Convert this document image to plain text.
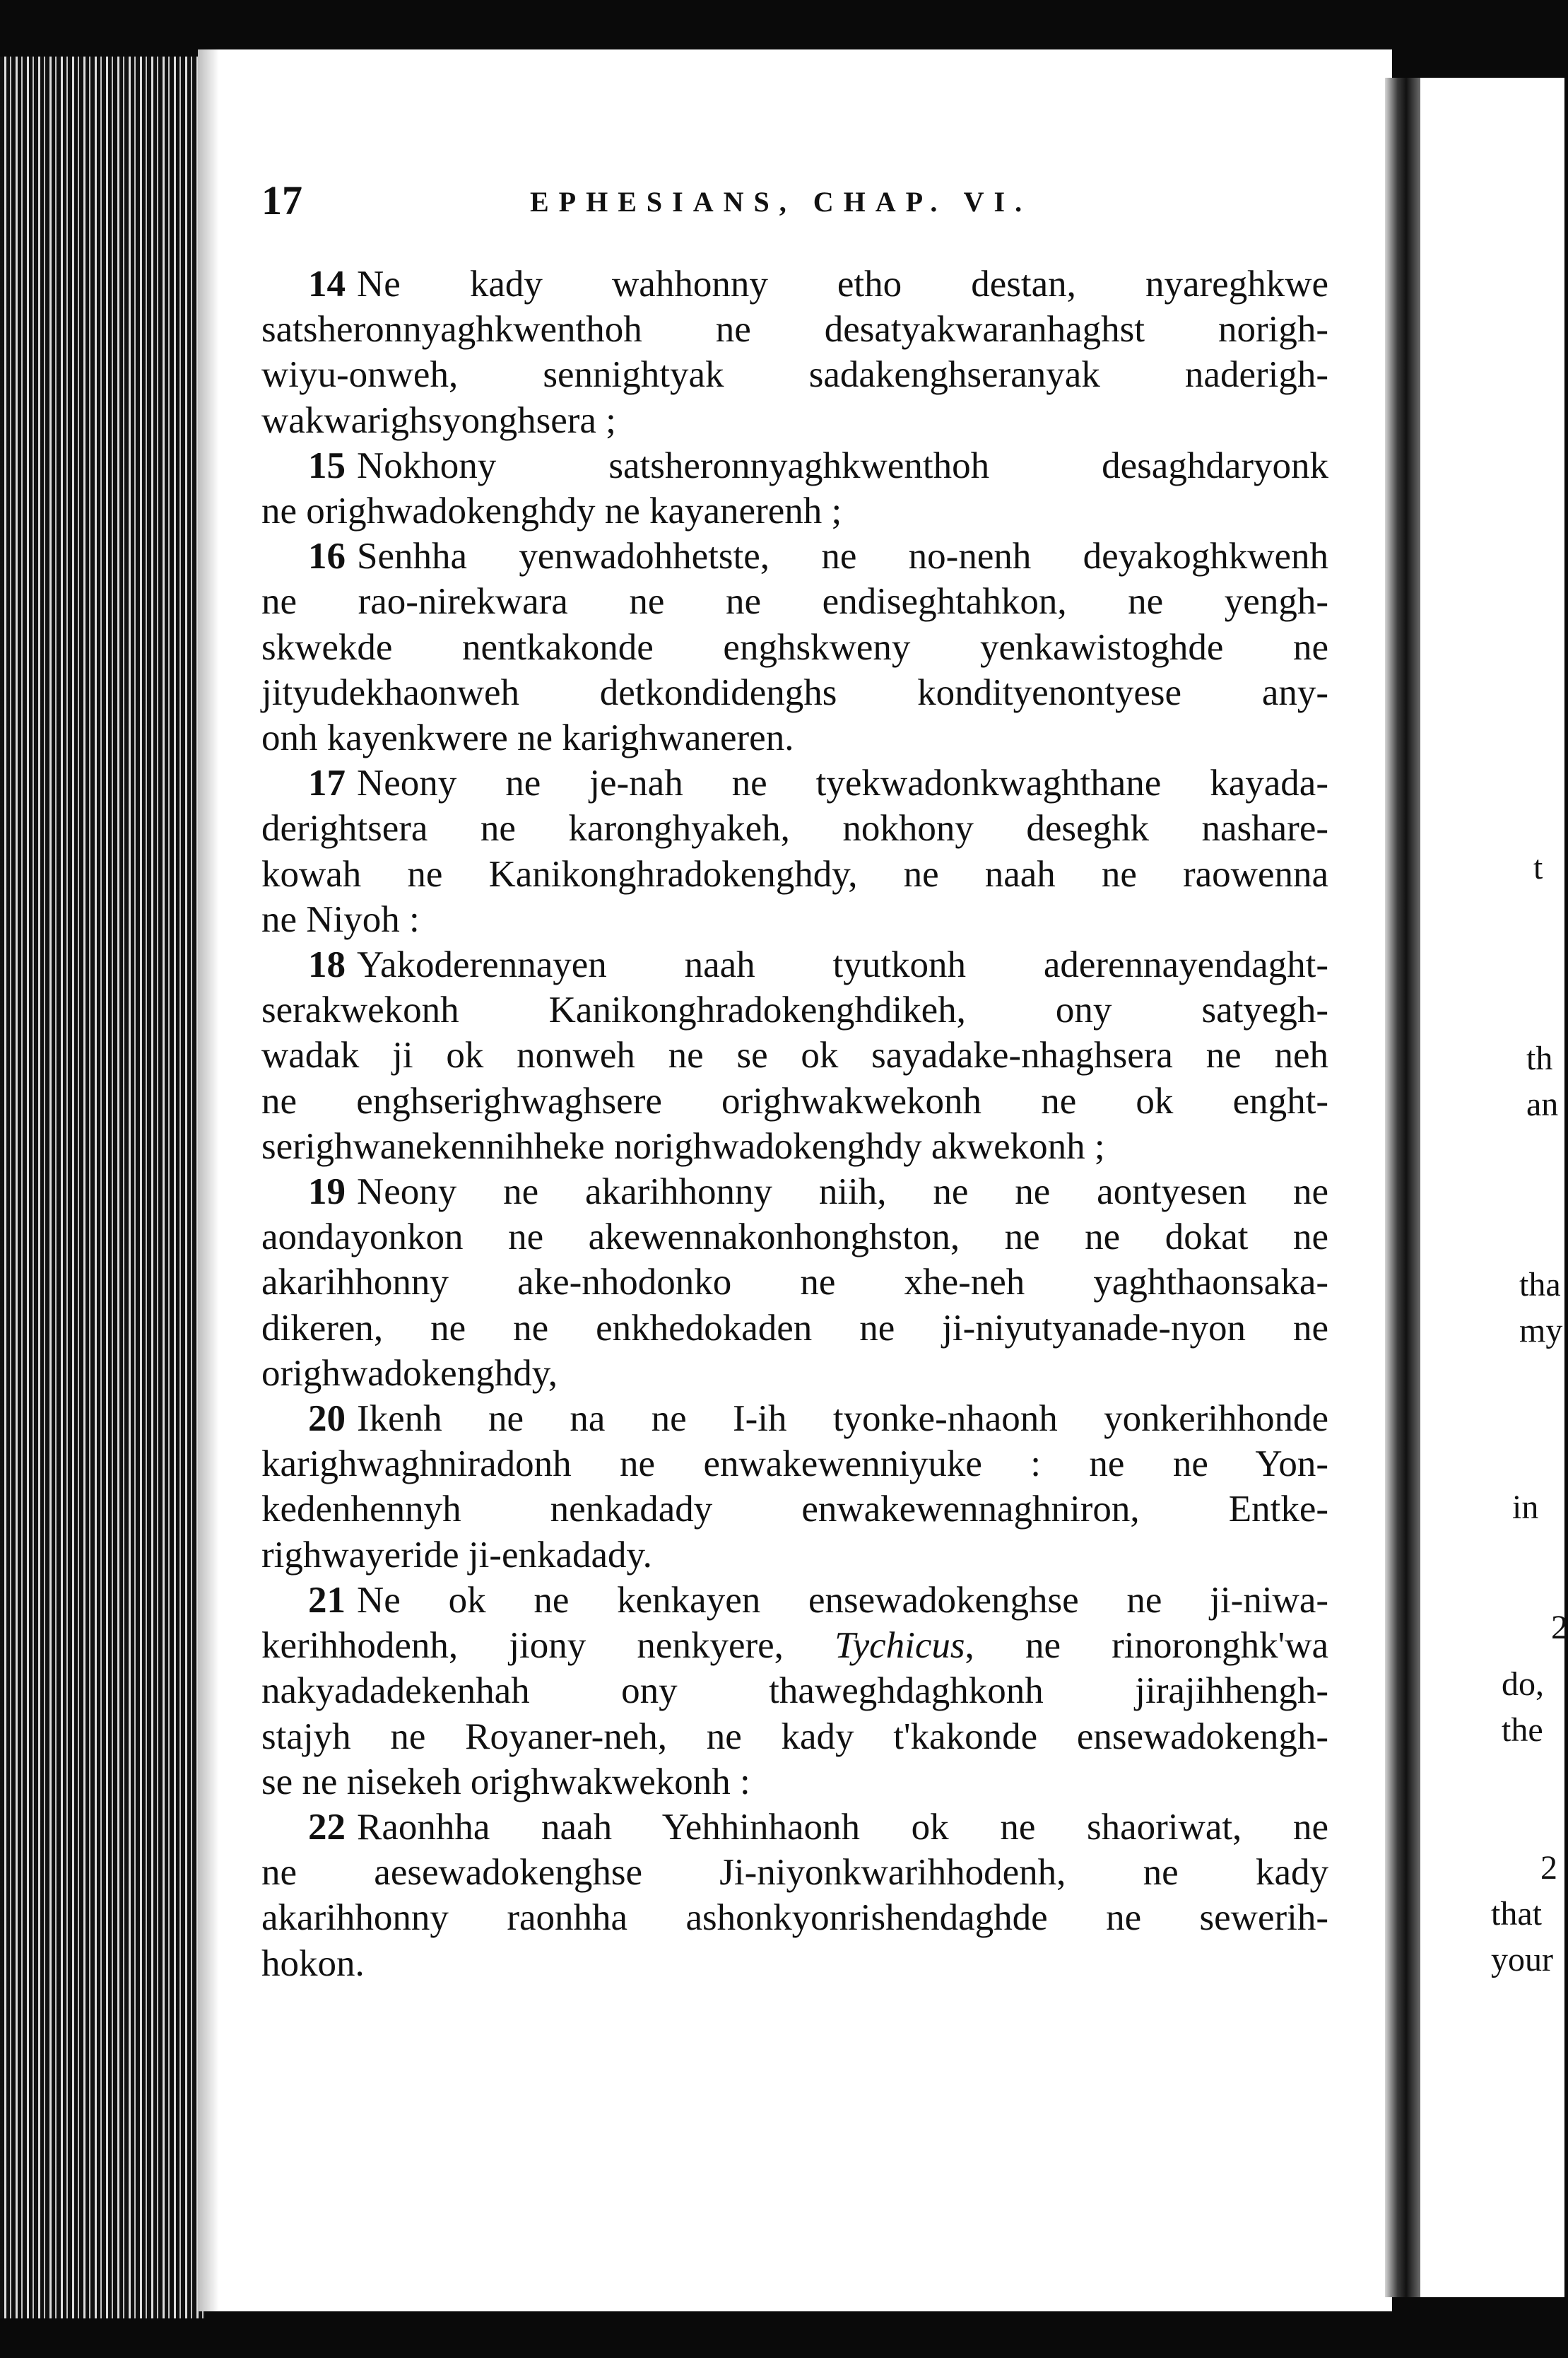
17	EPHESIANS, CHAP. VI.
14 Ne kady wahhonny etho destan, nyareghkwe
satsheronnyaghkwenthoh ne desatyakwaranhaghst norigh-
wiyu-onweh, sennightyak sadakenghseranyak naderigh-
wakwarighsyonghsera ;
15 Nokhony satsheronnyaghkwenthoh desaghdaryonk
ne orighwadokenghdy ne kayanerenh ;
16 Senhha yenwadohhetste, ne no-nenh deyakoghkwenh
ne rao-nirekwara ne ne endiseghtahkon, ne yengh-
skwekde nentkakonde enghskweny yenkawistoghde ne
jityudekhaonweh detkondidenghs kondityenontyese any-
onh kayenkwere ne karighwaneren.
17 Neony ne je-nah ne tyekwadonkwaghthane kayada-
derightsera ne karonghyakeh, nokhony deseghk nashare-
kowah ne Kanikonghradokenghdy, ne naah ne raowenna
ne Niyoh :
18 Yakoderennayen naah tyutkonh aderennayendaght-
serakwekonh Kanikonghradokenghdikeh, ony satyegh-
wadak ji ok nonweh ne se ok sayadake-nhaghsera ne neh
ne enghserighwaghsere orighwakwekonh ne ok enght-
serighwanekennihheke norighwadokenghdy akwekonh ;
19 Neony ne akarihhonny niih, ne ne aontyesen ne
aondayonkon ne akewennakonhonghston, ne ne dokat ne
akarihhonny ake-nhodonko ne xhe-neh yaghthaonsaka-
dikeren, ne ne enkhedokaden ne ji-niyutyanade-nyon ne
orighwadokenghdy,
20 Ikenh ne na ne I-ih tyonke-nhaonh yonkerihhonde
karighwaghniradonh ne enwakewenniyuke : ne ne Yon-
kedenhennyh nenkadady enwakewennaghniron, Entke-
righwayeride ji-enkadady.
21 Ne ok ne kenkayen ensewadokenghse ne ji-niwa-
kerihhodenh, jiony nenkyere, Tychicus, ne rinoronghk'wa
nakyadadekenhah ony thaweghdaghkonh jirajihhengh-
stajyh ne Royaner-neh, ne kady t'kakonde ensewadokengh-
se ne nisekeh orighwakwekonh :
22 Raonhha naah Yehhinhaonh ok ne shaoriwat, ne
ne aesewadokenghse Ji-niyonkwarihhodenh, ne kady
akarihhonny raonhha ashonkyonrishendaghde ne sewerih-
hokon.
t
th
an
tha
my
in
2
do,
the
2
that
your
